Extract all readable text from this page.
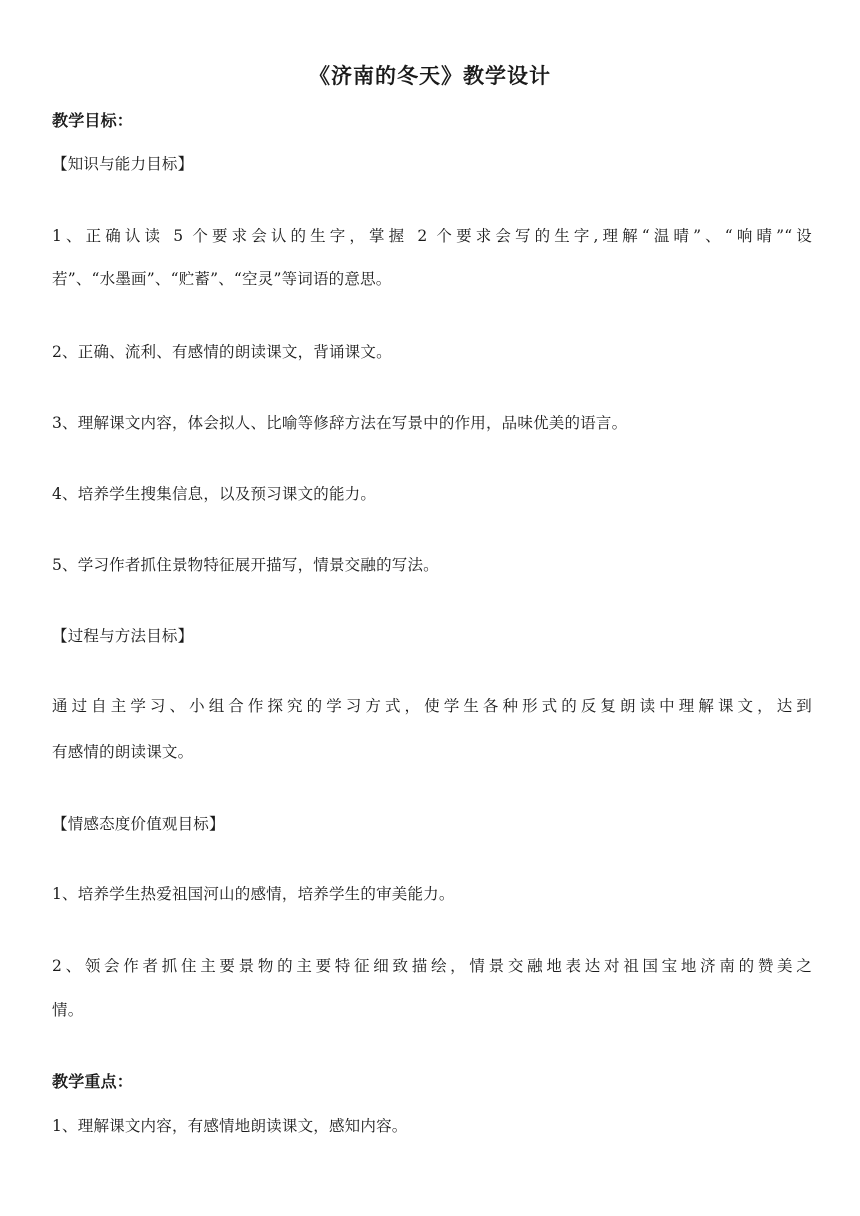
《济南的冬天》教学设计
教学目标：
【知识与能力目标】
1、正确认读 5 个要求会认的生字，掌握 2 个要求会写的生字,理解“温晴”、“响晴”“设
若”、“水墨画”、“贮蓄”、“空灵”等词语的意思。
2、正确、流利、有感情的朗读课文，背诵课文。
3、理解课文内容，体会拟人、比喻等修辞方法在写景中的作用，品味优美的语言。
4、培养学生搜集信息，以及预习课文的能力。
5、学习作者抓住景物特征展开描写，情景交融的写法。
【过程与方法目标】
通过自主学习、小组合作探究的学习方式，使学生各种形式的反复朗读中理解课文，达到
有感情的朗读课文。
【情感态度价值观目标】
1、培养学生热爱祖国河山的感情，培养学生的审美能力。
2、领会作者抓住主要景物的主要特征细致描绘，情景交融地表达对祖国宝地济南的赞美之
情。
教学重点：
1、理解课文内容，有感情地朗读课文，感知内容。
